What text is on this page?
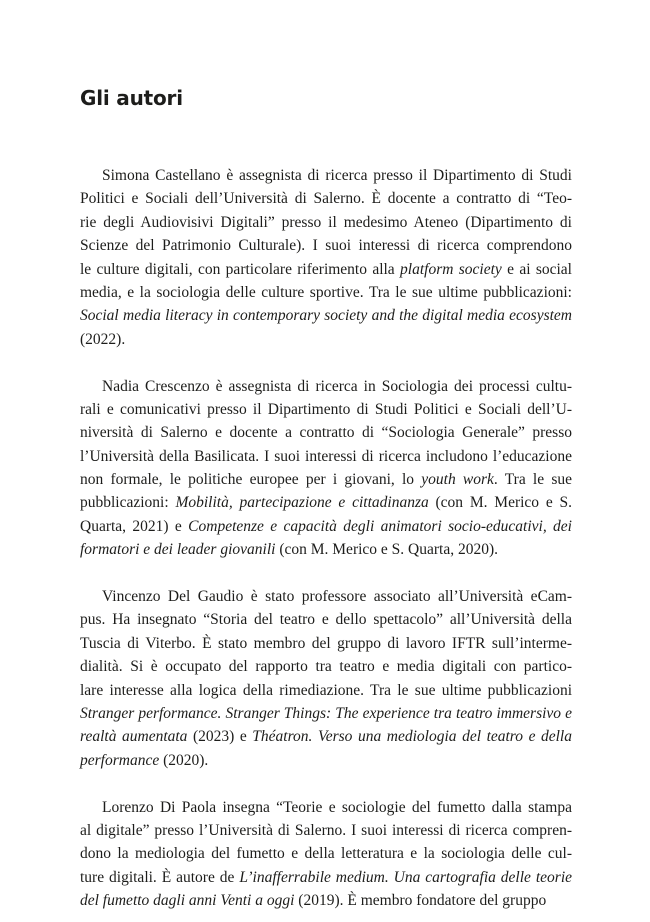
Gli autori
Simona Castellano è assegnista di ricerca presso il Dipartimento di Studi
Politici e Sociali dell’Università di Salerno. È docente a contratto di “Teo-
rie degli Audiovisivi Digitali” presso il medesimo Ateneo (Dipartimento di
Scienze del Patrimonio Culturale). I suoi interessi di ricerca comprendono
le culture digitali, con particolare riferimento alla platform society e ai social
media, e la sociologia delle culture sportive. Tra le sue ultime pubblicazioni:
Social media literacy in contemporary society and the digital media ecosystem
(2022).
Nadia Crescenzo è assegnista di ricerca in Sociologia dei processi cultu-
rali e comunicativi presso il Dipartimento di Studi Politici e Sociali dell’U-
niversità di Salerno e docente a contratto di “Sociologia Generale” presso
l’Università della Basilicata. I suoi interessi di ricerca includono l’educazione
non formale, le politiche europee per i giovani, lo youth work. Tra le sue
pubblicazioni: Mobilità, partecipazione e cittadinanza (con M. Merico e S.
Quarta, 2021) e Competenze e capacità degli animatori socio-educativi, dei
formatori e dei leader giovanili (con M. Merico e S. Quarta, 2020).
Vincenzo Del Gaudio è stato professore associato all’Università eCam-
pus. Ha insegnato “Storia del teatro e dello spettacolo” all’Università della
Tuscia di Viterbo. È stato membro del gruppo di lavoro IFTR sull’interme-
dialità. Si è occupato del rapporto tra teatro e media digitali con partico-
lare interesse alla logica della rimediazione. Tra le sue ultime pubblicazioni
Stranger performance. Stranger Things: The experience tra teatro immersivo e
realtà aumentata (2023) e Théatron. Verso una mediologia del teatro e della
performance (2020).
Lorenzo Di Paola insegna “Teorie e sociologie del fumetto dalla stampa
al digitale” presso l’Università di Salerno. I suoi interessi di ricerca compren-
dono la mediologia del fumetto e della letteratura e la sociologia delle cul-
ture digitali. È autore de L’inafferrabile medium. Una cartografia delle teorie
del fumetto dagli anni Venti a oggi (2019). È membro fondatore del gruppo
